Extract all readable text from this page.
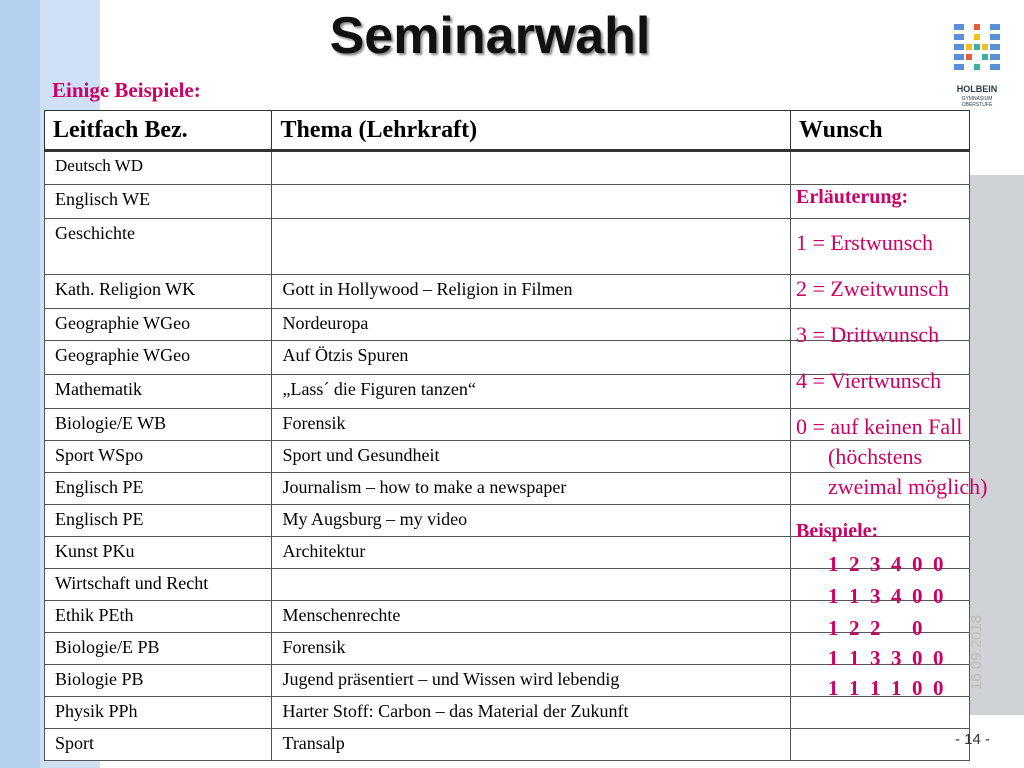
Seminarwahl
Einige Beispiele:	HOLBEIN
GYMNASIUM
OBERSTUFE
Leitfach Bez.	Thema (Lehrkraft)	Wunsch
Deutsch WD		
Englisch WE		
Geschichte		
Kath. Religion WK	Gott in Hollywood – Religion in Filmen	
Geographie WGeo	Nordeuropa	
Geographie WGeo	Auf Ötzis Spuren	
Mathematik	„Lass´ die Figuren tanzen“	
Biologie/E WB	Forensik	
Sport WSpo	Sport und Gesundheit	
Englisch PE	Journalism – how to make a newspaper	
Englisch PE	My Augsburg – my video	
Kunst PKu	Architektur	
Wirtschaft und Recht		
Ethik PEth	Menschenrechte	
Biologie/E PB	Forensik	
Biologie PB	Jugend präsentiert – und Wissen wird lebendig	
Physik PPh	Harter Stoff: Carbon – das Material der Zukunft	
Sport	Transalp	
Erläuterung:
1 = Erstwunsch
2 = Zweitwunsch
3 = Drittwunsch
4 = Viertwunsch
0 = auf keinen Fall
(höchstens
zweimal möglich)
Beispiele:
1  2  3  4  0  0
1  1  3  4  0  0
1  2  2      0
1  1  3  3  0  0
1  1  1  1  0  0 16.09.2018
- 14 -
